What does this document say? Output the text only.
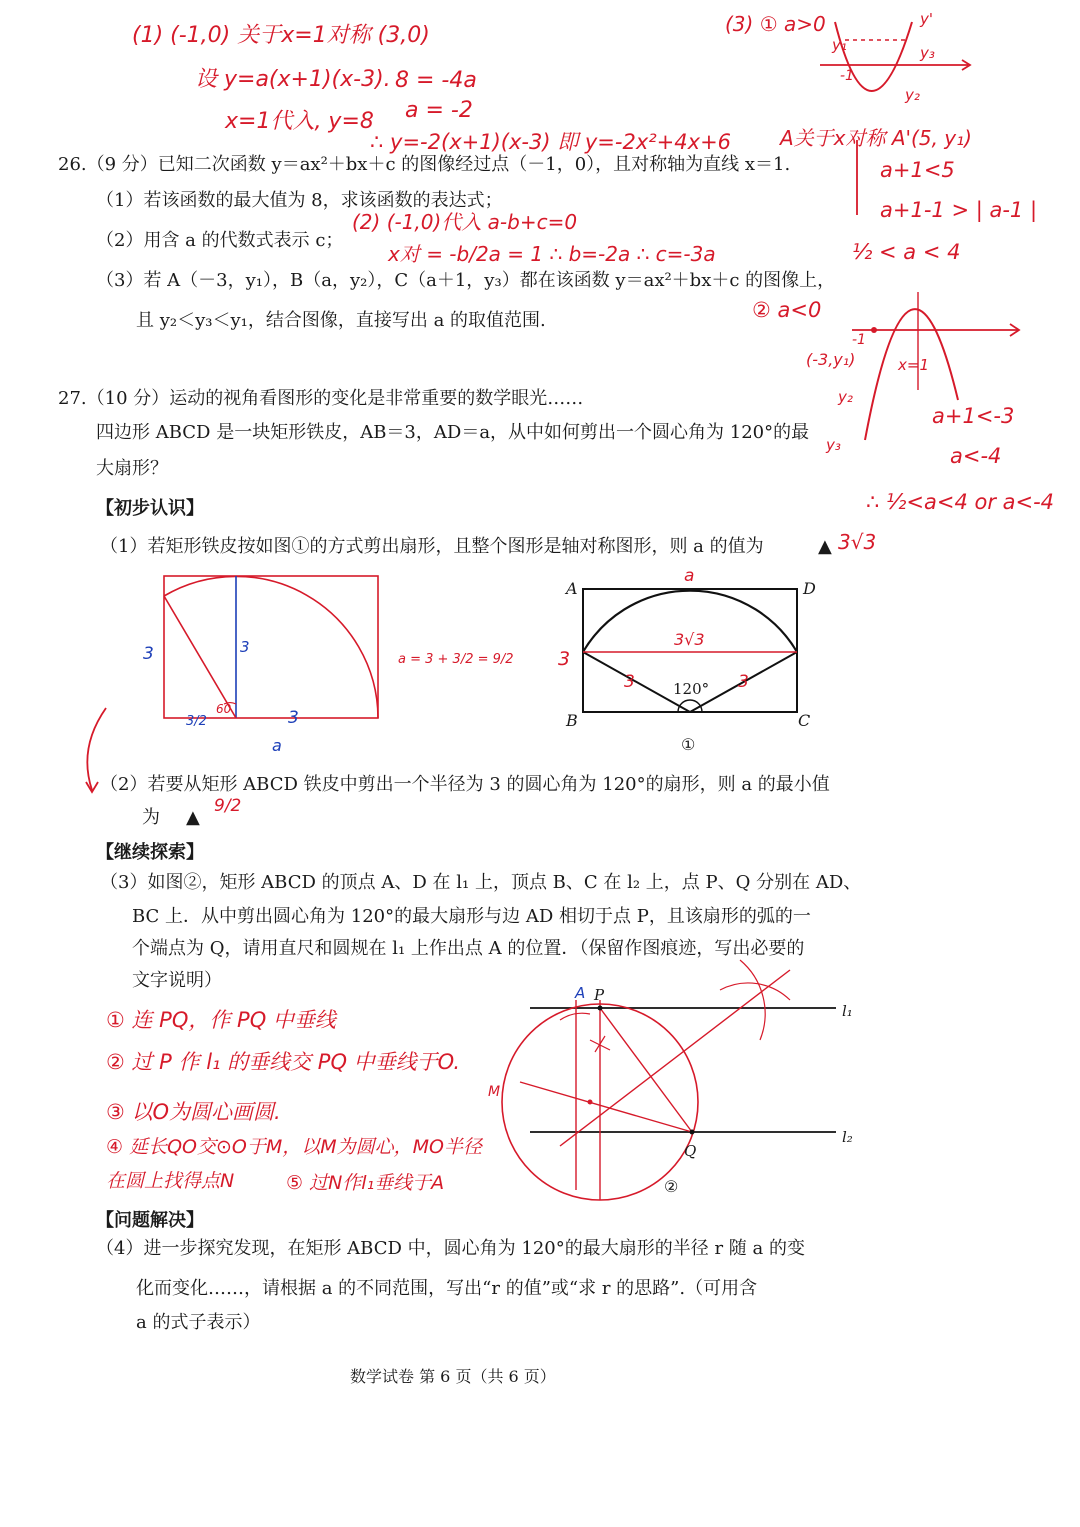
(1) (-1,0) 关于x=1对称 (3,0)
设 y=a(x+1)(x-3).
x=1代入, y=8
8 = -4a
a = -2
∴ y=-2(x+1)(x-3) 即 y=-2x²+4x+6
(3) ① a>0
A关于x对称 A'(5, y₁)
a+1<5
a+1-1 > | a-1 |
½ < a < 4
② a<0
a+1<-3
a<-4
∴ ½<a<4 or a<-4
y₁	y₃
y₂
y'
-1
-1
(-3,y₁)	x=1
y₂
y₃
26.（9 分）已知二次函数 y＝ax²＋bx＋c 的图像经过点（－1，0），且对称轴为直线 x＝1.
（1）若该函数的最大值为 8，求该函数的表达式；
(2) (-1,0)代入 a-b+c=0
（2）用含 a 的代数式表示 c；
x对 = -b/2a = 1 ∴ b=-2a ∴ c=-3a
（3）若 A（－3，y₁），B（a，y₂），C（a＋1，y₃）都在该函数 y＝ax²＋bx＋c 的图像上，
且 y₂＜y₃＜y₁，结合图像，直接写出 a 的取值范围.
27.（10 分）运动的视角看图形的变化是非常重要的数学眼光……
四边形 ABCD 是一块矩形铁皮，AB＝3，AD＝a，从中如何剪出一个圆心角为 120°的最
大扇形？
【初步认识】
（1）若矩形铁皮按如图①的方式剪出扇形，且整个图形是轴对称图形，则 a 的值为	▲ 3√3
3	3
3
3/2
60
a
a = 3 + 3/2 = 9/2
A
B	C
D
120°
a
3√3
3
3	3
①
（2）若要从矩形 ABCD 铁皮中剪出一个半径为 3 的圆心角为 120°的扇形，则 a 的最小值
为 ▲
9/2
【继续探索】
（3）如图②，矩形 ABCD 的顶点 A、D 在 l₁ 上，顶点 B、C 在 l₂ 上，点 P、Q 分别在 AD、
BC 上．从中剪出圆心角为 120°的最大扇形与边 AD 相切于点 P，且该扇形的弧的一
个端点为 Q，请用直尺和圆规在 l₁ 上作出点 A 的位置．（保留作图痕迹，写出必要的
文字说明）
① 连 PQ，作 PQ 中垂线
② 过 P 作 l₁ 的垂线交 PQ 中垂线于O.
③ 以O为圆心画圆.
④ 延长QO交⊙O于M，以M为圆心，MO半径
在圆上找得点N	⑤ 过N作l₁垂线于A
P
A
Q
M
l₁
l₂
②
【问题解决】
（4）进一步探究发现，在矩形 ABCD 中，圆心角为 120°的最大扇形的半径 r 随 a 的变
化而变化……，请根据 a 的不同范围，写出“r 的值”或“求 r 的思路”.（可用含
a 的式子表示）
数学试卷 第 6 页（共 6 页）
